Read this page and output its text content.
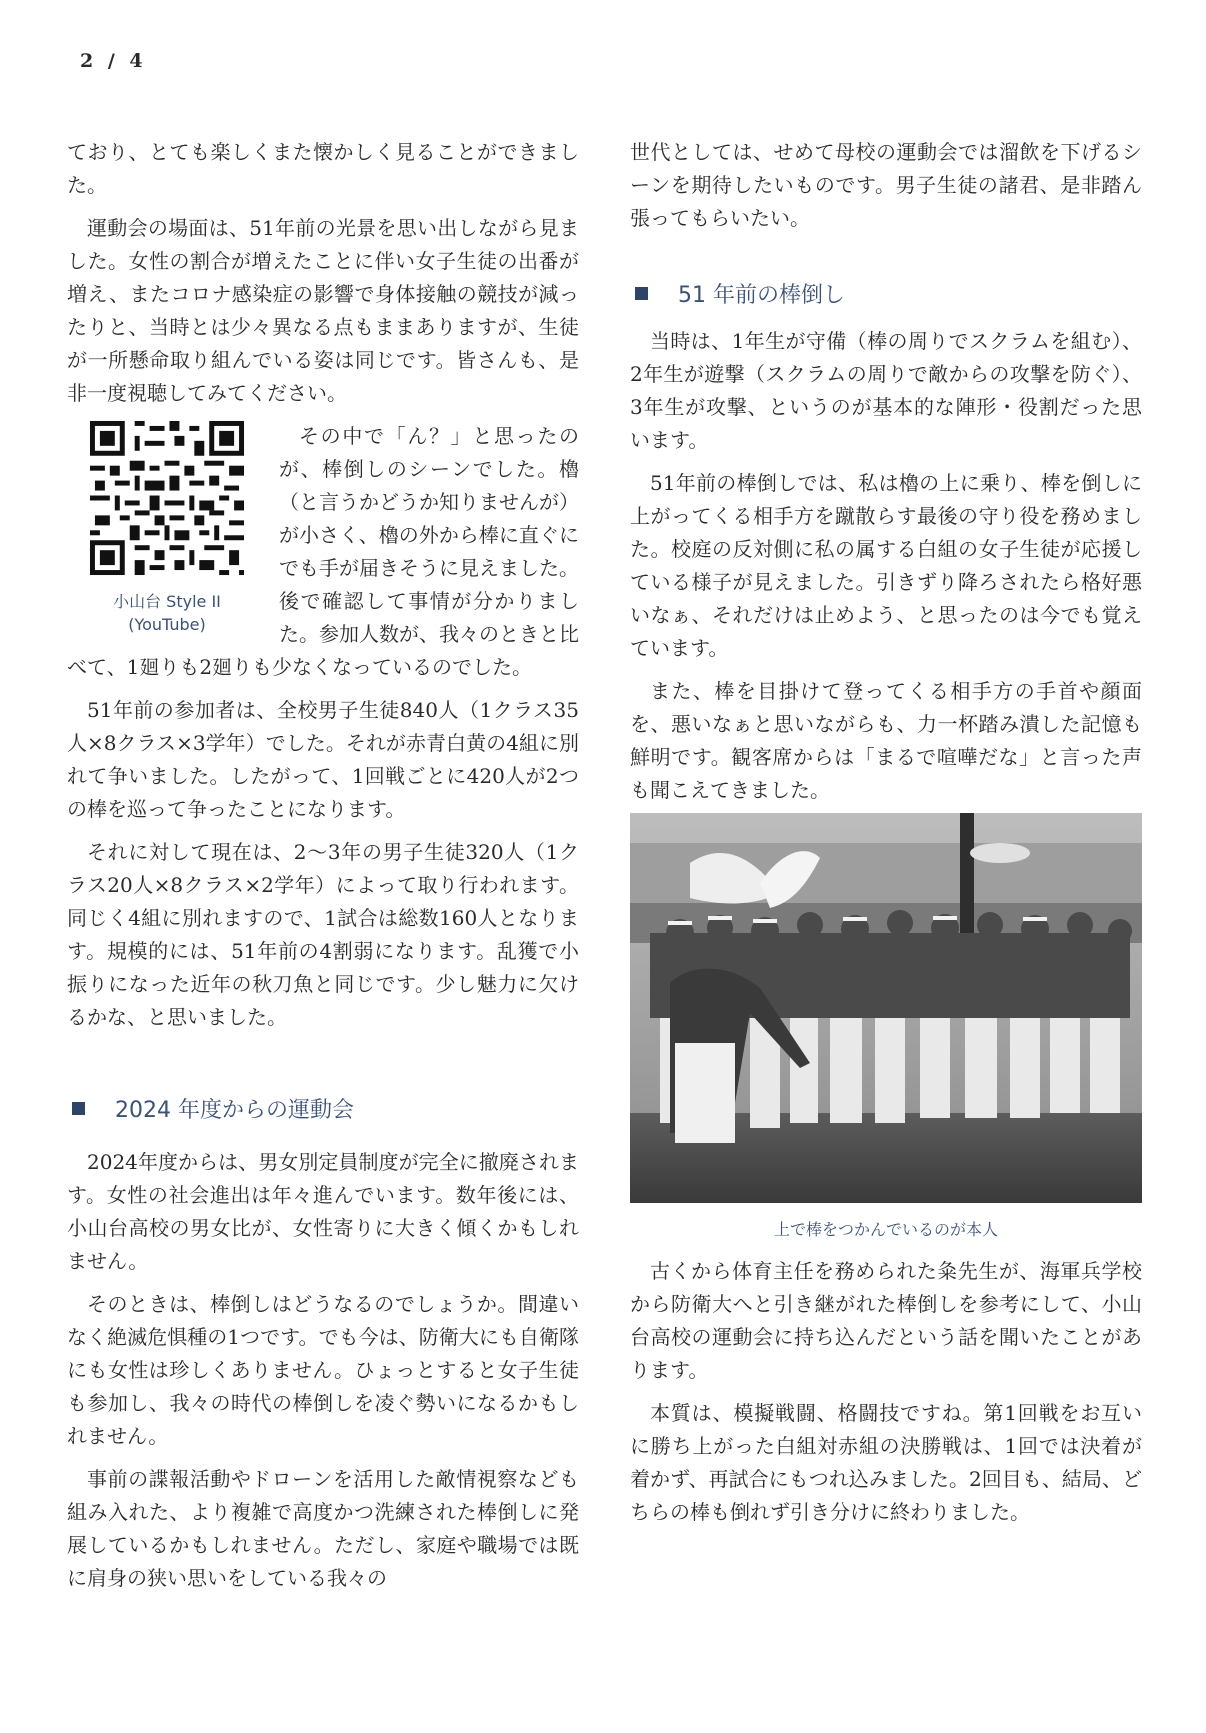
2 / 4

ており、とても楽しくまた懐かしく見ることができました。

運動会の場面は、51年前の光景を思い出しながら見ました。女性の割合が増えたことに伴い女子生徒の出番が増え、またコロナ感染症の影響で身体接触の競技が減ったりと、当時とは少々異なる点もままありますが、生徒が一所懸命取り組んでいる姿は同じです。皆さんも、是非一度視聴してみてください。

小山台 Style II
(YouTube)

その中で「ん？」と思ったのが、棒倒しのシーンでした。櫓（と言うかどうか知りませんが）が小さく、櫓の外から棒に直ぐにでも手が届きそうに見えました。後で確認して事情が分かりました。参加人数が、我々のときと比べて、1廻りも2廻りも少なくなっているのでした。

51年前の参加者は、全校男子生徒840人（1クラス35人×8クラス×3学年）でした。それが赤青白黄の4組に別れて争いました。したがって、1回戦ごとに420人が2つの棒を巡って争ったことになります。

それに対して現在は、2～3年の男子生徒320人（1クラス20人×8クラス×2学年）によって取り行われます。同じく4組に別れますので、1試合は総数160人となります。規模的には、51年前の4割弱になります。乱獲で小振りになった近年の秋刀魚と同じです。少し魅力に欠けるかな、と思いました。

2024 年度からの運動会

2024年度からは、男女別定員制度が完全に撤廃されます。女性の社会進出は年々進んでいます。数年後には、小山台高校の男女比が、女性寄りに大きく傾くかもしれません。

そのときは、棒倒しはどうなるのでしょうか。間違いなく絶滅危惧種の1つです。でも今は、防衛大にも自衛隊にも女性は珍しくありません。ひょっとすると女子生徒も参加し、我々の時代の棒倒しを凌ぐ勢いになるかもしれません。

事前の諜報活動やドローンを活用した敵情視察なども組み入れた、より複雑で高度かつ洗練された棒倒しに発展しているかもしれません。ただし、家庭や職場では既に肩身の狭い思いをしている我々の

世代としては、せめて母校の運動会では溜飲を下げるシーンを期待したいものです。男子生徒の諸君、是非踏ん張ってもらいたい。

51 年前の棒倒し

当時は、1年生が守備（棒の周りでスクラムを組む）、2年生が遊撃（スクラムの周りで敵からの攻撃を防ぐ）、3年生が攻撃、というのが基本的な陣形・役割だった思います。

51年前の棒倒しでは、私は櫓の上に乗り、棒を倒しに上がってくる相手方を蹴散らす最後の守り役を務めました。校庭の反対側に私の属する白組の女子生徒が応援している様子が見えました。引きずり降ろされたら格好悪いなぁ、それだけは止めよう、と思ったのは今でも覚えています。

また、棒を目掛けて登ってくる相手方の手首や顔面を、悪いなぁと思いながらも、力一杯踏み潰した記憶も鮮明です。観客席からは「まるで喧嘩だな」と言った声も聞こえてきました。

上で棒をつかんでいるのが本人

古くから体育主任を務められた粂先生が、海軍兵学校から防衛大へと引き継がれた棒倒しを参考にして、小山台高校の運動会に持ち込んだという話を聞いたことがあります。

本質は、模擬戦闘、格闘技ですね。第1回戦をお互いに勝ち上がった白組対赤組の決勝戦は、1回では決着が着かず、再試合にもつれ込みました。2回目も、結局、どちらの棒も倒れず引き分けに終わりました。
